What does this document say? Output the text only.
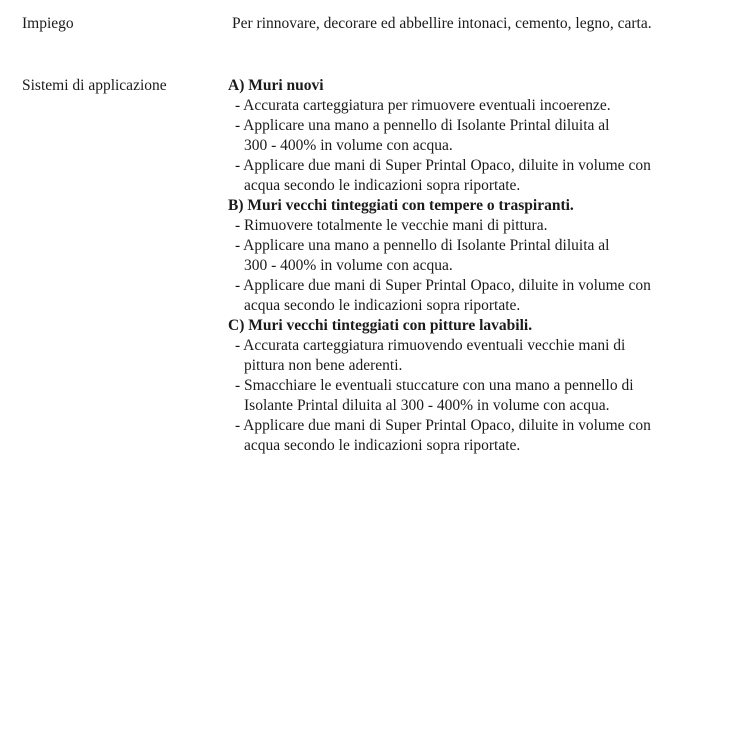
Impiego	Per rinnovare, decorare ed abbellire intonaci, cemento, legno, carta.
Sistemi di applicazione	A) Muri nuovi
- Accurata carteggiatura per rimuovere eventuali incoerenze.
- Applicare una mano a pennello di Isolante Printal diluita al
300 - 400% in volume con acqua.
- Applicare due mani di Super Printal Opaco, diluite in volume con
acqua secondo le indicazioni sopra riportate.
B) Muri vecchi tinteggiati con tempere o traspiranti.
- Rimuovere totalmente le vecchie mani di pittura.
- Applicare una mano a pennello di Isolante Printal diluita al
300 - 400% in volume con acqua.
- Applicare due mani di Super Printal Opaco, diluite in volume con
acqua secondo le indicazioni sopra riportate.
C) Muri vecchi tinteggiati con pitture lavabili.
- Accurata carteggiatura rimuovendo eventuali vecchie mani di
pittura non bene aderenti.
- Smacchiare le eventuali stuccature con una mano a pennello di
Isolante Printal diluita al 300 - 400% in volume con acqua.
- Applicare due mani di Super Printal Opaco, diluite in volume con
acqua secondo le indicazioni sopra riportate.
